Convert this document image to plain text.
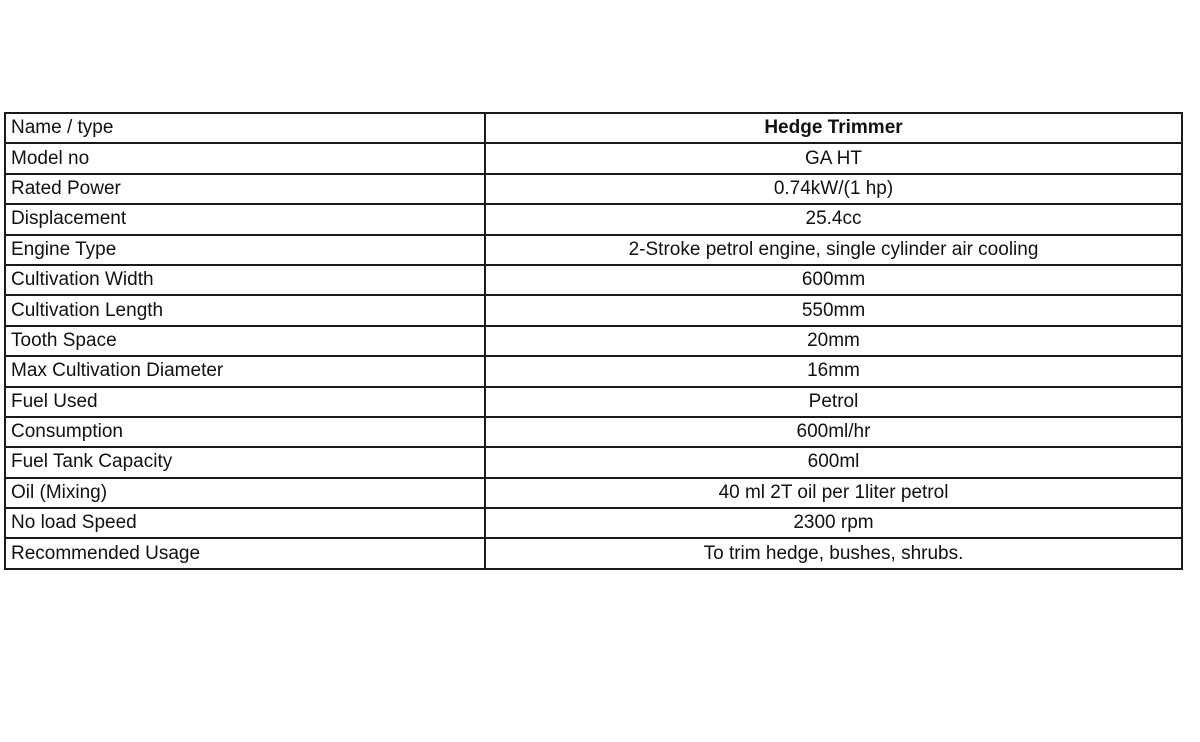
Name / type	Hedge Trimmer
Model no	GA HT
Rated Power	0.74kW/(1 hp)
Displacement	25.4cc
Engine Type	2-Stroke petrol engine, single cylinder air cooling
Cultivation Width	600mm
Cultivation Length	550mm
Tooth Space	20mm
Max Cultivation Diameter	16mm
Fuel Used	Petrol
Consumption	600ml/hr
Fuel Tank Capacity	600ml
Oil (Mixing)	40 ml 2T oil per 1liter petrol
No load Speed	2300 rpm
Recommended Usage	To trim hedge, bushes, shrubs.
